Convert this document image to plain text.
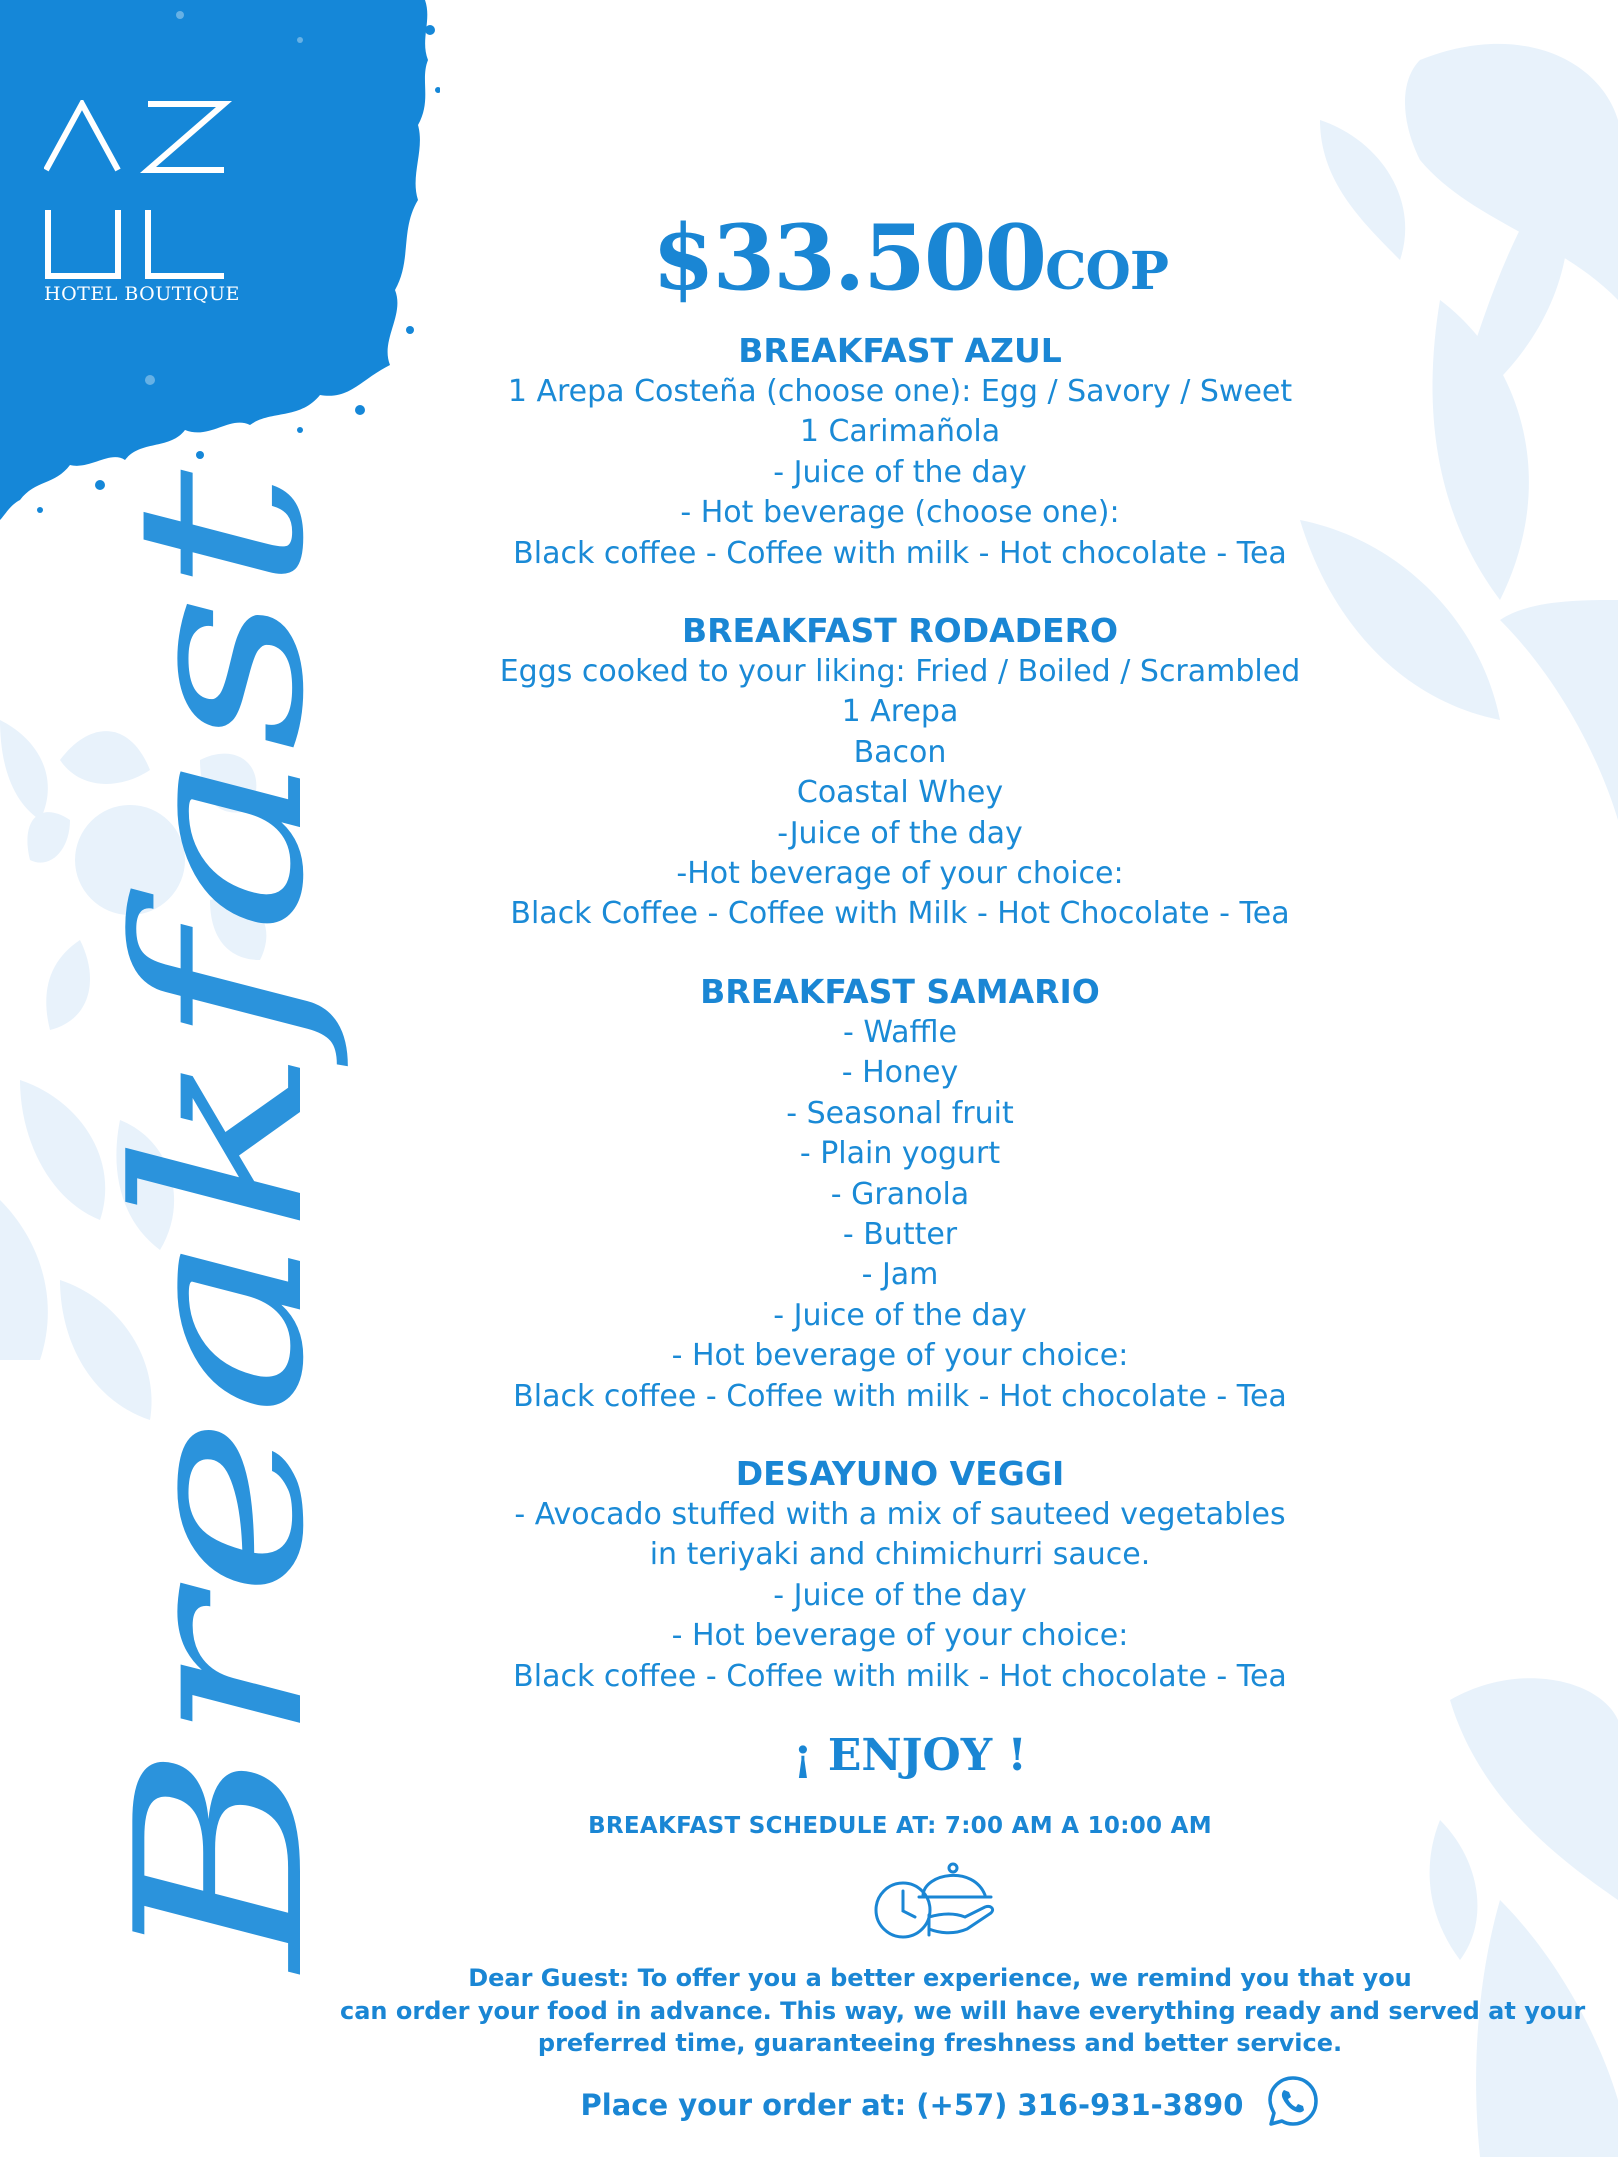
HOTEL BOUTIQUE
Breakfast
$33.500COP
BREAKFAST AZUL
1 Arepa Costeña (choose one): Egg / Savory / Sweet
1 Carimañola
- Juice of the day
- Hot beverage (choose one):
Black coffee - Coffee with milk - Hot chocolate - Tea
BREAKFAST RODADERO
Eggs cooked to your liking: Fried / Boiled / Scrambled
1 Arepa
Bacon
Coastal Whey
-Juice of the day
-Hot beverage of your choice:
Black Coffee - Coffee with Milk - Hot Chocolate - Tea
BREAKFAST SAMARIO
- Waffle
- Honey
- Seasonal fruit
- Plain yogurt
- Granola
- Butter
- Jam
- Juice of the day
- Hot beverage of your choice:
Black coffee - Coffee with milk - Hot chocolate - Tea
DESAYUNO VEGGI
- Avocado stuffed with a mix of sauteed vegetables
in teriyaki and chimichurri sauce.
- Juice of the day
- Hot beverage of your choice:
Black coffee - Coffee with milk - Hot chocolate - Tea
¡ ENJOY !
BREAKFAST SCHEDULE AT: 7:00 AM A 10:00 AM
Dear Guest: To offer you a better experience, we remind you that you
can order your food in advance. This way, we will have everything ready and served at your
preferred time, guaranteeing freshness and better service.
Place your order at: (+57) 316-931-3890
